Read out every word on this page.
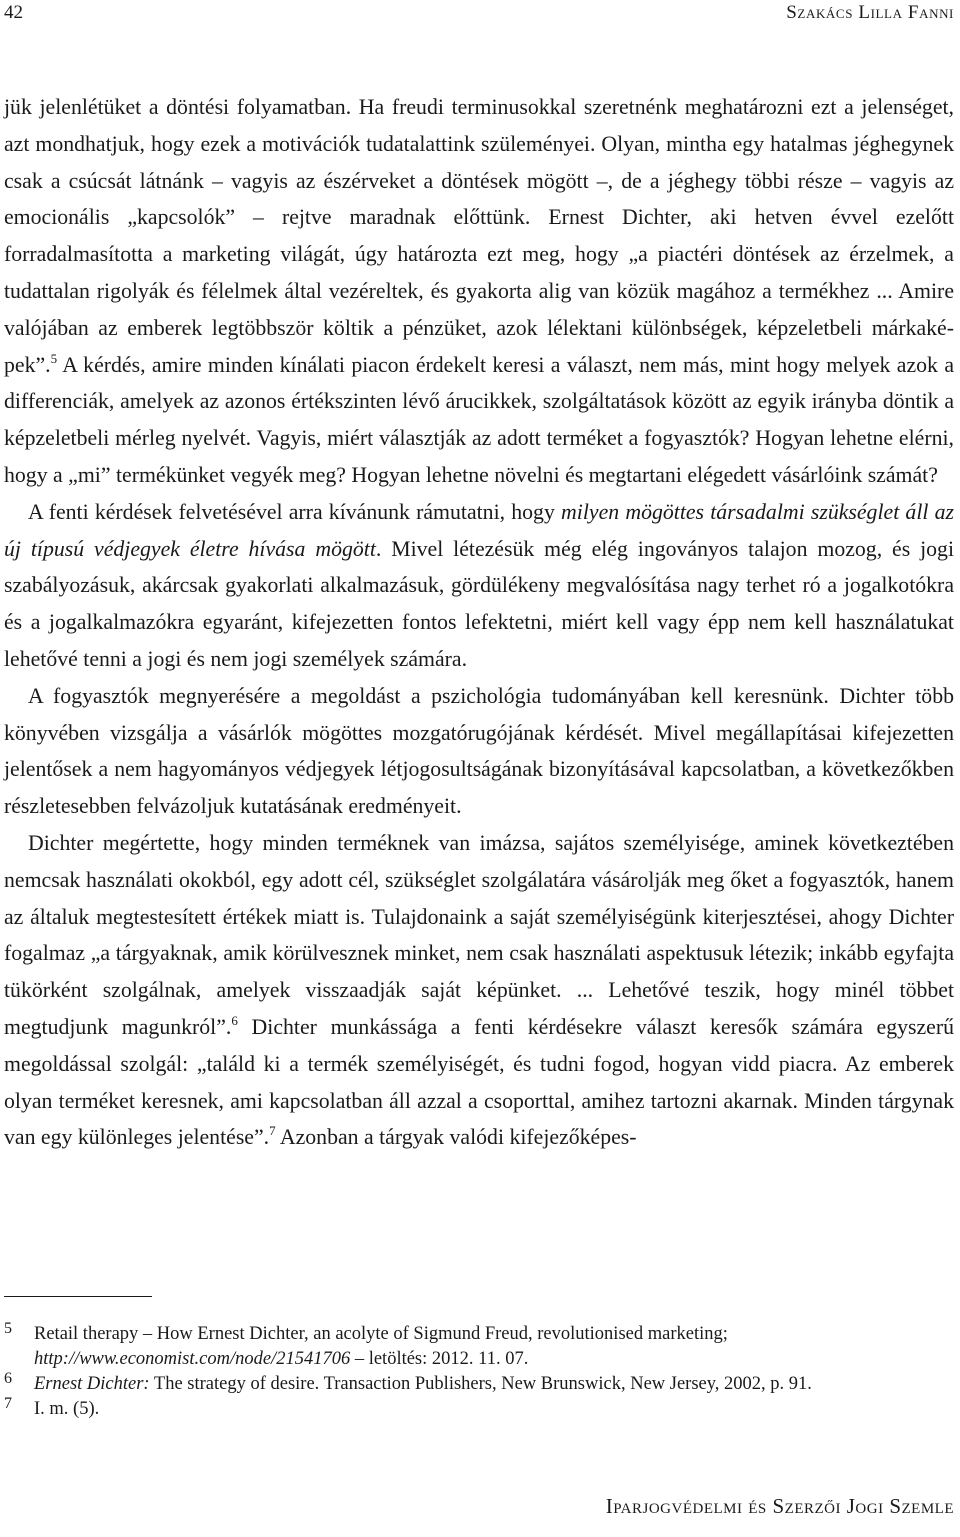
42	Szakács Lilla Fanni

jük jelenlétüket a döntési folyamatban. Ha freudi terminusokkal szeretnénk meghatározni ezt a jelenséget, azt mondhatjuk, hogy ezek a motivációk tudatalattink szüleményei. Olyan, mintha egy hatalmas jéghegynek csak a csúcsát látnánk – vagyis az észérveket a döntések mögött –, de a jéghegy többi része – vagyis az emocionális „kapcsolók” – rejtve maradnak előttünk. Ernest Dichter, aki hetven évvel ezelőtt forradalmasította a marketing világát, úgy határozta ezt meg, hogy „a piactéri döntések az érzelmek, a tudattalan rigolyák és félelmek által vezéreltek, és gyakorta alig van közük magához a termékhez ... Amire valójában az emberek legtöbbször költik a pénzüket, azok lélektani különbségek, képzeletbeli márkaképek”.$^5$ A kérdés, amire minden kínálati piacon érdekelt keresi a választ, nem más, mint hogy melyek azok a differenciák, amelyek az azonos értékszinten lévő árucikkek, szolgáltatások között az egyik irányba döntik a képzeletbeli mérleg nyelvét. Vagyis, miért választják az adott terméket a fogyasztók? Hogyan lehetne elérni, hogy a „mi” termékünket vegyék meg? Hogyan lehetne növelni és megtartani elégedett vásárlóink számát?

A fenti kérdések felvetésével arra kívánunk rámutatni, hogy milyen mögöttes társadalmi szükséglet áll az új típusú védjegyek életre hívása mögött. Mivel létezésük még elég ingoványos talajon mozog, és jogi szabályozásuk, akárcsak gyakorlati alkalmazásuk, gördülékeny megvalósítása nagy terhet ró a jogalkotókra és a jogalkalmazókra egyaránt, kifejezetten fontos lefektetni, miért kell vagy épp nem kell használatukat lehetővé tenni a jogi és nem jogi személyek számára.

A fogyasztók megnyerésére a megoldást a pszichológia tudományában kell keresnünk. Dichter több könyvében vizsgálja a vásárlók mögöttes mozgatórugójának kérdését. Mivel megállapításai kifejezetten jelentősek a nem hagyományos védjegyek létjogosultságának bizonyításával kapcsolatban, a következőkben részletesebben felvázoljuk kutatásának eredményeit.

Dichter megértette, hogy minden terméknek van imázsa, sajátos személyisége, aminek következtében nemcsak használati okokból, egy adott cél, szükséglet szolgálatára vásárolják meg őket a fogyasztók, hanem az általuk megtestesített értékek miatt is. Tulajdonaink a saját személyiségünk kiterjesztései, ahogy Dichter fogalmaz „a tárgyaknak, amik körülvesznek minket, nem csak használati aspektusuk létezik; inkább egyfajta tükörként szolgálnak, amelyek visszaadják saját képünket. ... Lehetővé teszik, hogy minél többet megtudjunk magunkról”.$^6$ Dichter munkássága a fenti kérdésekre választ keresők számára egyszerű megoldással szolgál: „találd ki a termék személyiségét, és tudni fogod, hogyan vidd piacra. Az emberek olyan terméket keresnek, ami kapcsolatban áll azzal a csoporttal, amihez tartozni akarnak. Minden tárgynak van egy különleges jelentése”.$^7$ Azonban a tárgyak valódi kifejezőképes-

5 Retail therapy – How Ernest Dichter, an acolyte of Sigmund Freud, revolutionised marketing; http://www.economist.com/node/21541706 – letöltés: 2012. 11. 07.
6 Ernest Dichter: The strategy of desire. Transaction Publishers, New Brunswick, New Jersey, 2002, p. 91.
7 I. m. (5).
Iparjogvédelmi és Szerzői Jogi Szemle
